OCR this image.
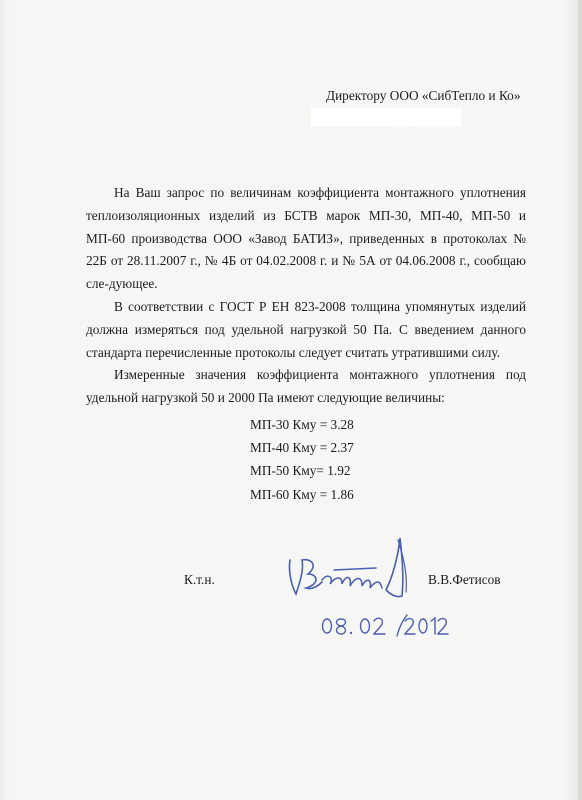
Директору ООО «СибТепло и Ко»

На Ваш запрос по величинам коэффициента монтажного уплотнения теплоизоляционных изделий из БСТВ марок МП-30, МП-40, МП-50 и МП-60 производства ООО «Завод БАТИЗ», приведенных в протоколах № 22Б от 28.11.2007 г., № 4Б от 04.02.2008 г. и № 5А от 04.06.2008 г., сообщаю сле-дующее.

В соответствии с ГОСТ Р ЕН 823-2008 толщина упомянутых изделий должна измеряться под удельной нагрузкой 50 Па. С введением данного стандарта перечисленные протоколы следует считать утратившими силу.

Измеренные значения коэффициента монтажного уплотнения под удельной нагрузкой 50 и 2000 Па имеют следующие величины:

МП-30 Кму = 3.28
МП-40 Кму = 2.37
МП-50 Кму= 1.92
МП-60 Кму = 1.86
К.т.н.	В.В.Фетисов
